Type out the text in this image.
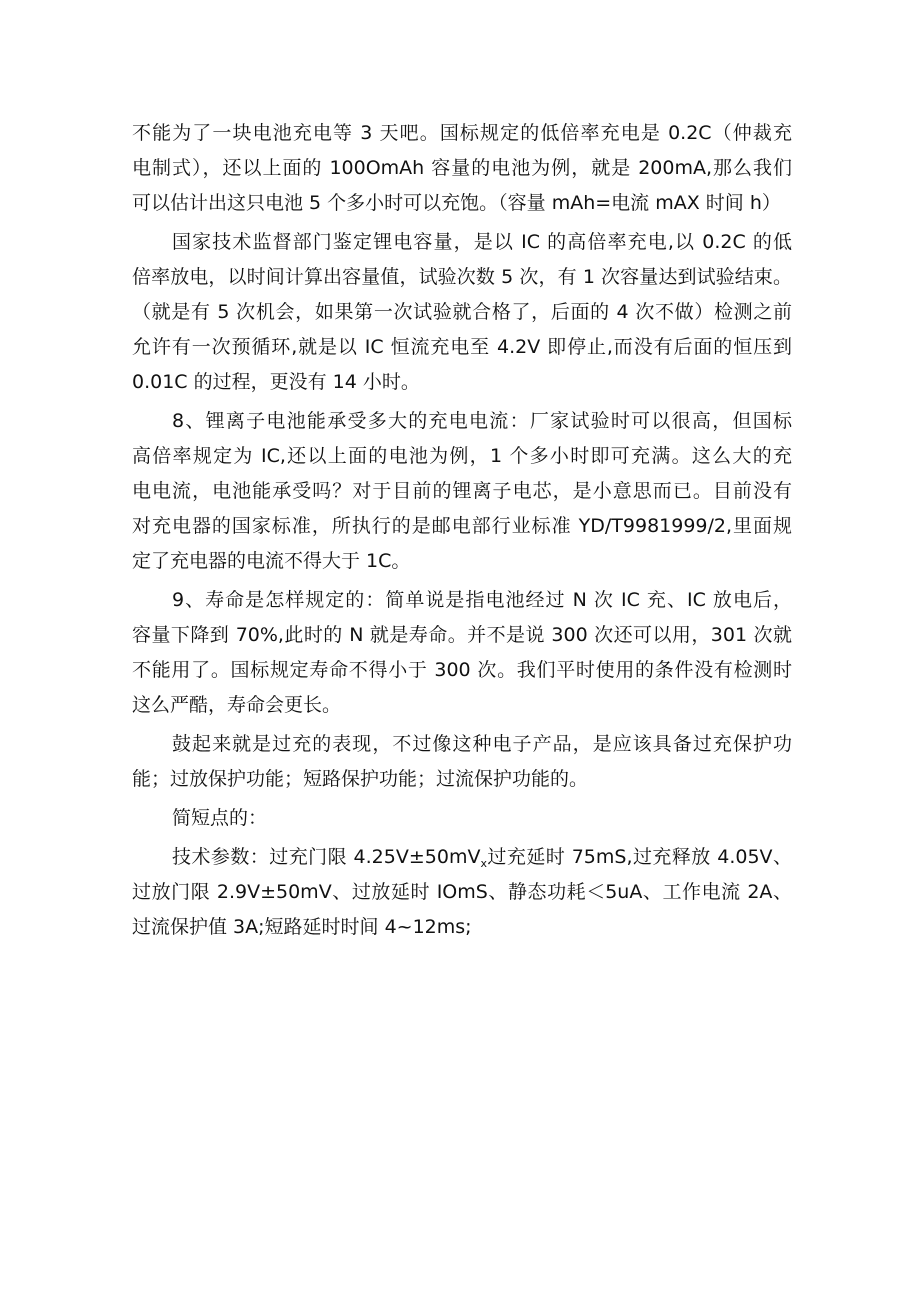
不能为了一块电池充电等 3 天吧。国标规定的低倍率充电是 0.2C（仲裁充
电制式），还以上面的 100OmAh 容量的电池为例，就是 200mA,那么我们
可以估计出这只电池 5 个多小时可以充饱。（容量 mAh=电流 mAX 时间 h）
国家技术监督部门鉴定锂电容量，是以 IC 的高倍率充电,以 0.2C 的低
倍率放电，以时间计算出容量值，试验次数 5 次，有 1 次容量达到试验结束。
（就是有 5 次机会，如果第一次试验就合格了，后面的 4 次不做）检测之前
允许有一次预循环,就是以 IC 恒流充电至 4.2V 即停止,而没有后面的恒压到
0.01C 的过程，更没有 14 小时。
8、锂离子电池能承受多大的充电电流：厂家试验时可以很高，但国标
高倍率规定为 IC,还以上面的电池为例，1 个多小时即可充满。这么大的充
电电流，电池能承受吗？对于目前的锂离子电芯，是小意思而已。目前没有
对充电器的国家标准，所执行的是邮电部行业标准 YD/T9981999/2,里面规
定了充电器的电流不得大于 1C。
9、寿命是怎样规定的：简单说是指电池经过 N 次 IC 充、IC 放电后，
容量下降到 70%,此时的 N 就是寿命。并不是说 300 次还可以用，301 次就
不能用了。国标规定寿命不得小于 300 次。我们平时使用的条件没有检测时
这么严酷，寿命会更长。
鼓起来就是过充的表现，不过像这种电子产品，是应该具备过充保护功
能；过放保护功能；短路保护功能；过流保护功能的。
简短点的：
技术参数：过充门限 $4.25V\pm 50mV_x$过充延时 75mS,过充释放 4.05V、
过放门限 2.9V±50mV、过放延时 IOmS、静态功耗＜5uA、工作电流 2A、
过流保护值 3A;短路延时时间 4~12ms;
